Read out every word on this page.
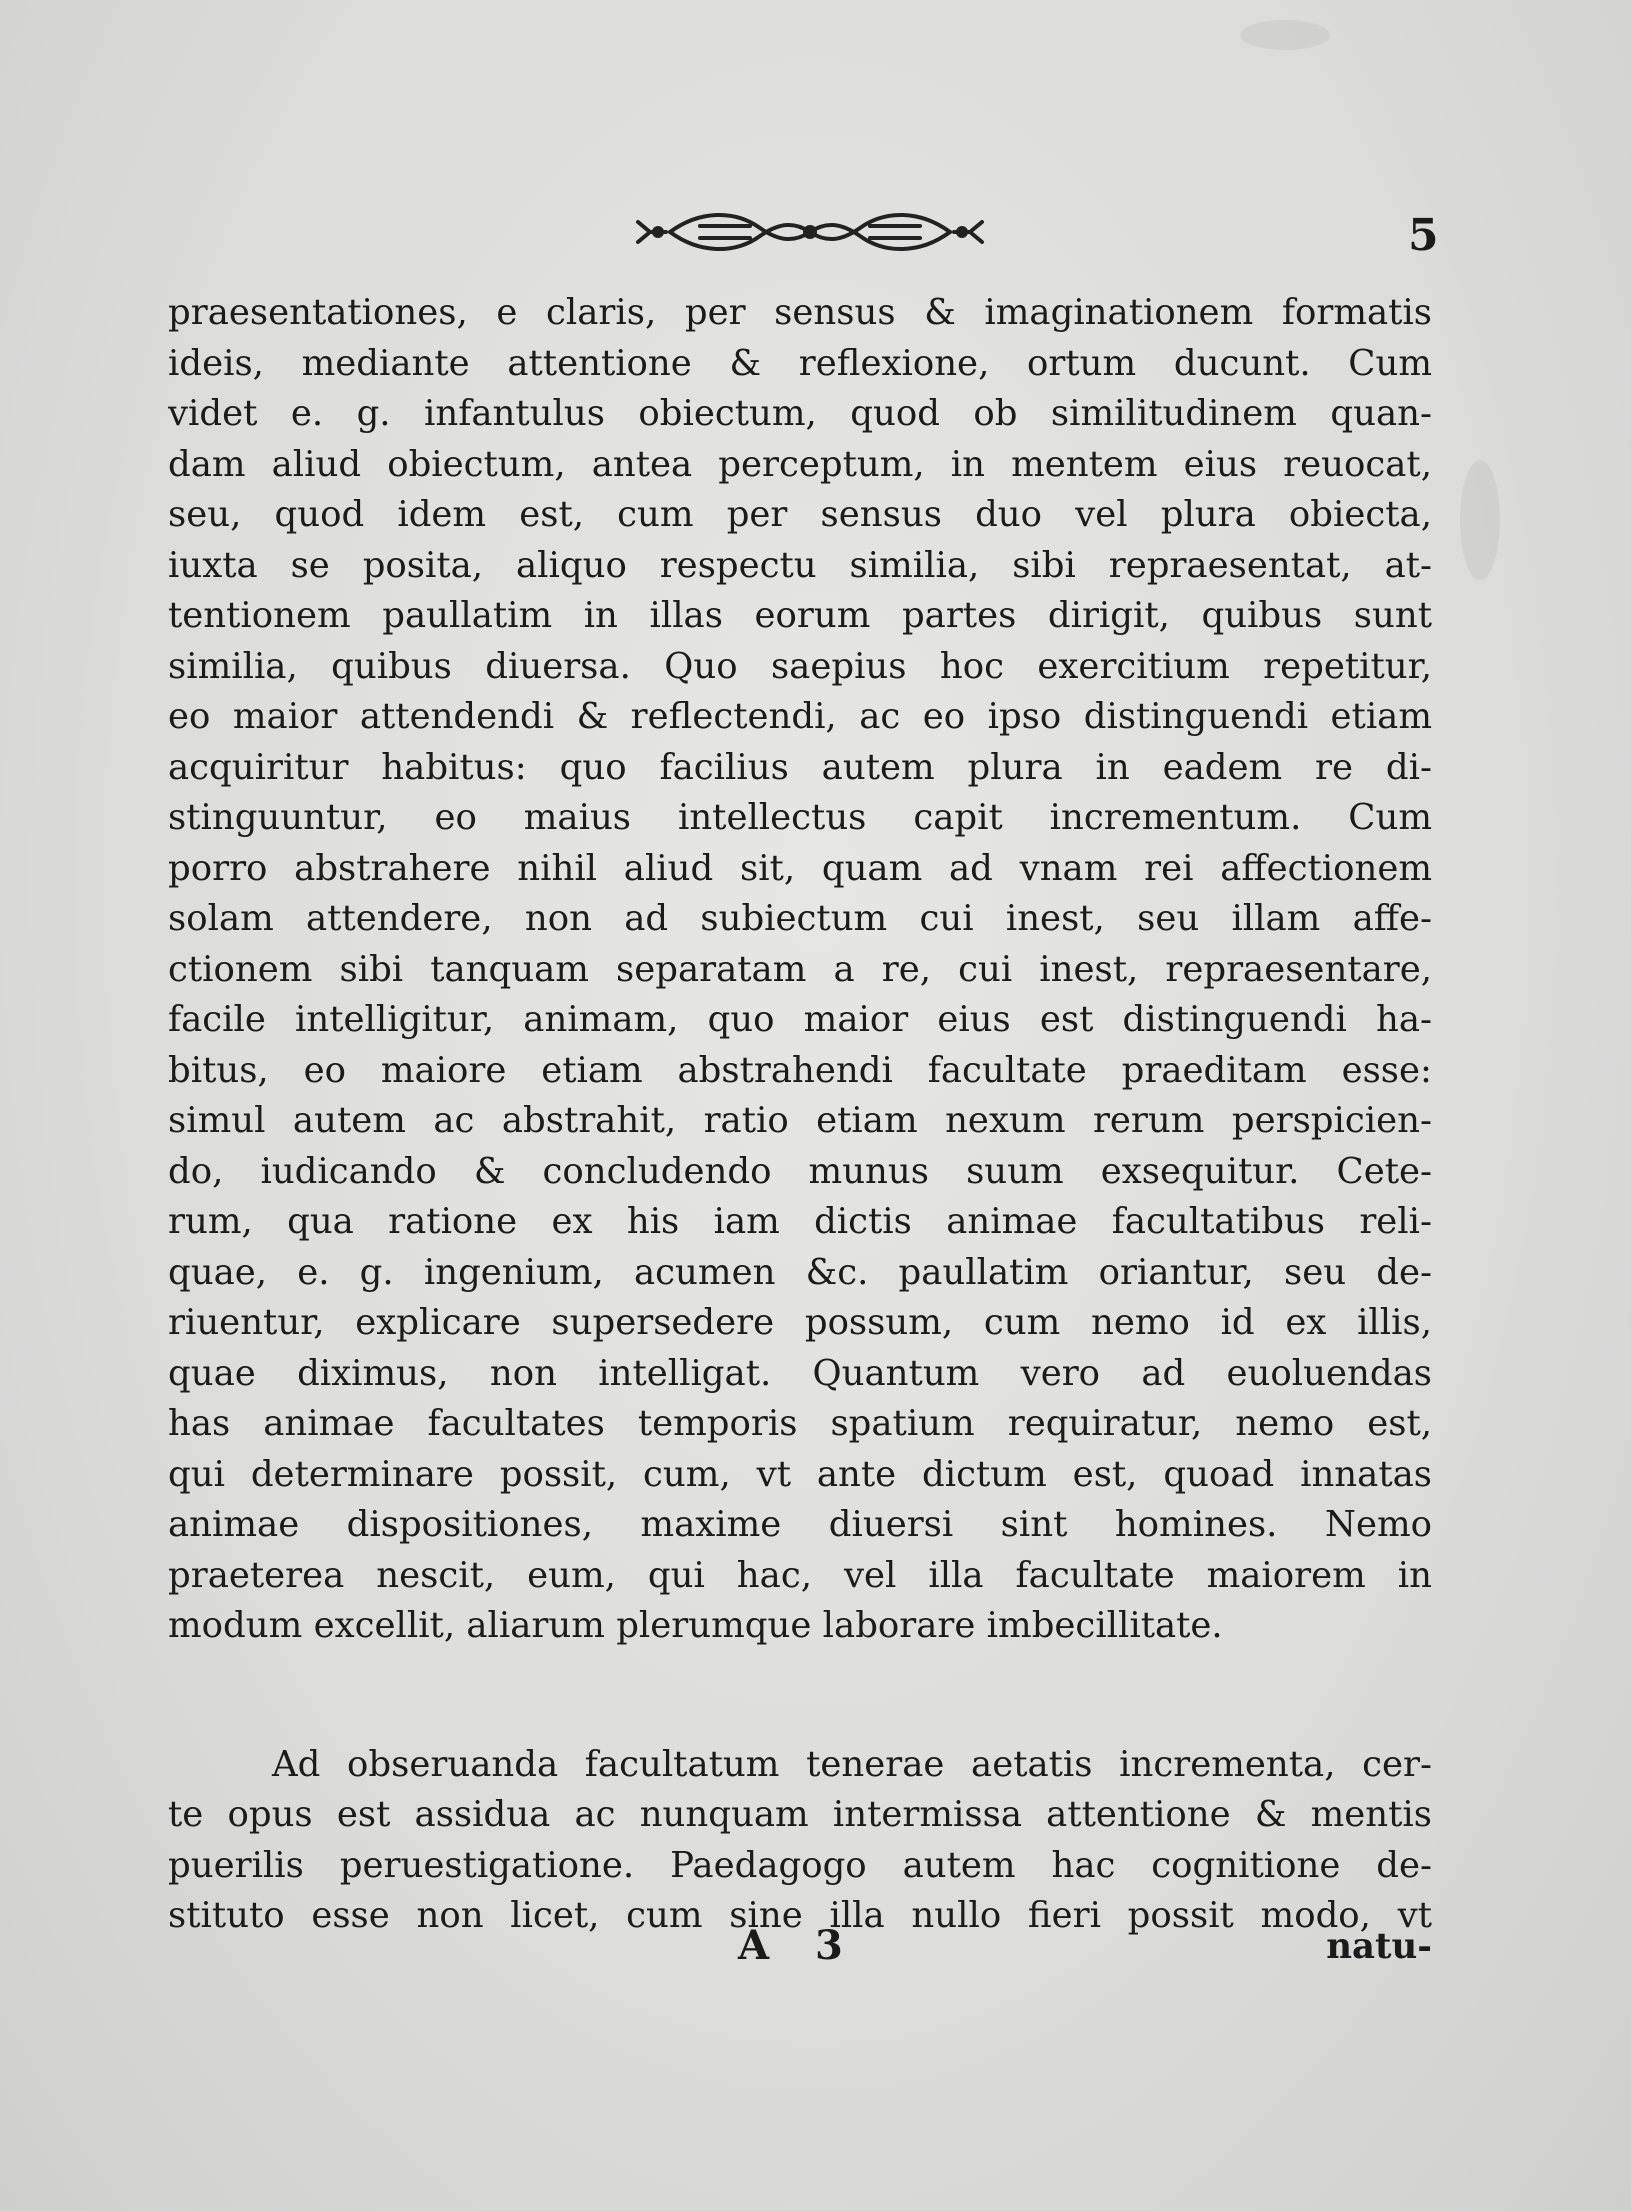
5
praesentationes, e claris, per sensus & imaginationem formatis
ideis, mediante attentione & reflexione, ortum ducunt. Cum
videt e. g. infantulus obiectum, quod ob similitudinem quan-
dam aliud obiectum, antea perceptum, in mentem eius reuocat,
seu, quod idem est, cum per sensus duo vel plura obiecta,
iuxta se posita, aliquo respectu similia, sibi repraesentat, at-
tentionem paullatim in illas eorum partes dirigit, quibus sunt
similia, quibus diuersa. Quo saepius hoc exercitium repetitur,
eo maior attendendi & reflectendi, ac eo ipso distinguendi etiam
acquiritur habitus: quo facilius autem plura in eadem re di-
stinguuntur, eo maius intellectus capit incrementum. Cum
porro abstrahere nihil aliud sit, quam ad vnam rei affectionem
solam attendere, non ad subiectum cui inest, seu illam affe-
ctionem sibi tanquam separatam a re, cui inest, repraesentare,
facile intelligitur, animam, quo maior eius est distinguendi ha-
bitus, eo maiore etiam abstrahendi facultate praeditam esse:
simul autem ac abstrahit, ratio etiam nexum rerum perspicien-
do, iudicando & concludendo munus suum exsequitur. Cete-
rum, qua ratione ex his iam dictis animae facultatibus reli-
quae, e. g. ingenium, acumen &c. paullatim oriantur, seu de-
riuentur, explicare supersedere possum, cum nemo id ex illis,
quae diximus, non intelligat. Quantum vero ad euoluendas
has animae facultates temporis spatium requiratur, nemo est,
qui determinare possit, cum, vt ante dictum est, quoad innatas
animae dispositiones, maxime diuersi sint homines. Nemo
praeterea nescit, eum, qui hac, vel illa facultate maiorem in
modum excellit, aliarum plerumque laborare imbecillitate.
Ad obseruanda facultatum tenerae aetatis incrementa, cer-
te opus est assidua ac nunquam intermissa attentione & mentis
puerilis peruestigatione. Paedagogo autem hac cognitione de-
stituto esse non licet, cum sine illa nullo fieri possit modo, vt
A 3	natu-
